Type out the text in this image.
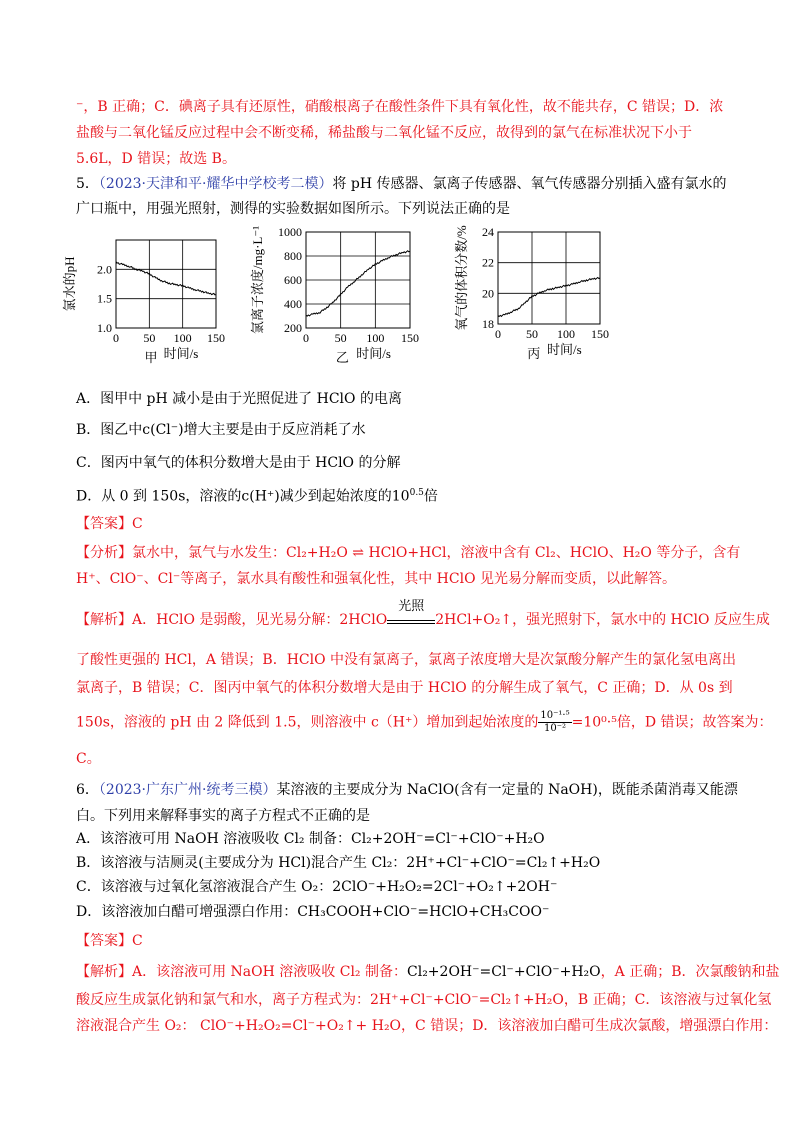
⁻，B 正确；C．碘离子具有还原性，硝酸根离子在酸性条件下具有氧化性，故不能共存，C 错误；D．浓
盐酸与二氧化锰反应过程中会不断变稀，稀盐酸与二氧化锰不反应，故得到的氯气在标准状况下小于
5.6L，D 错误；故选 B。
5．（2023·天津和平·耀华中学校考二模）将 pH 传感器、氯离子传感器、氧气传感器分别插入盛有氯水的
广口瓶中，用强光照射，测得的实验数据如图所示。下列说法正确的是
0 50 100 150
1.0
1.5
2.0
时间/s
氯水的pH
甲
0 50 100 150
200
400
600
800
1000
时间/s
氯离子浓度/mg·L⁻¹
乙
0 50 100 150
18
20
22
24
时间/s
氧气的体积分数/%
丙
A．图甲中 pH 减小是由于光照促进了 HClO 的电离
B．图乙中c(Cl⁻)增大主要是由于反应消耗了水
C．图丙中氧气的体积分数增大是由于 HClO 的分解
D．从 0 到 150s，溶液的c(H⁺)减少到起始浓度的$10^{0.5}$倍
【答案】C
【分析】氯水中，氯气与水发生：Cl₂+H₂O ⇌ HClO+HCl，溶液中含有 Cl₂、HClO、H₂O 等分子，含有
H⁺、ClO⁻、Cl⁻等离子，氯水具有酸性和强氧化性，其中 HClO 见光易分解而变质，以此解答。
【解析】A．HClO 是弱酸，见光易分解：2HClO
光照
2HCl+O₂↑，强光照射下，氯水中的 HClO 反应生成
了酸性更强的 HCl，A 错误；B．HClO 中没有氯离子，氯离子浓度增大是次氯酸分解产生的氯化氢电离出
氯离子，B 错误；C．图丙中氧气的体积分数增大是由于 HClO 的分解生成了氧气，C 正确；D．从 0s 到
150s，溶液的 pH 由 2 降低到 1.5，则溶液中 c（H⁺）增加到起始浓度的 $\frac{\text{10⁻¹·⁵}}{\text{10⁻²}} =10^0\cdot^5$倍，D 错误；故答案为：
C。
6．（2023·广东广州·统考三模）某溶液的主要成分为 NaClO(含有一定量的 NaOH)，既能杀菌消毒又能漂
白。下列用来解释事实的离子方程式不正确的是
A．该溶液可用 NaOH 溶液吸收 Cl₂ 制备：Cl₂+2OH⁻=Cl⁻+ClO⁻+H₂O
B．该溶液与洁厕灵(主要成分为 HCl)混合产生 Cl₂：2H⁺+Cl⁻+ClO⁻=Cl₂↑+H₂O
C．该溶液与过氧化氢溶液混合产生 O₂：2ClO⁻+H₂O₂=2Cl⁻+O₂↑+2OH⁻
D．该溶液加白醋可增强漂白作用：CH₃COOH+ClO⁻=HClO+CH₃COO⁻
【答案】C
【解析】A．该溶液可用 NaOH 溶液吸收 Cl₂ 制备：Cl₂+2OH⁻=Cl⁻+ClO⁻+H₂O，A 正确；B．次氯酸钠和盐
酸反应生成氯化钠和氯气和水，离子方程式为：2H⁺+Cl⁻+ClO⁻=Cl₂↑+H₂O，B 正确；C．该溶液与过氧化氢
溶液混合产生 O₂： ClO⁻+H₂O₂=Cl⁻+O₂↑+ H₂O，C 错误；D．该溶液加白醋可生成次氯酸，增强漂白作用：
